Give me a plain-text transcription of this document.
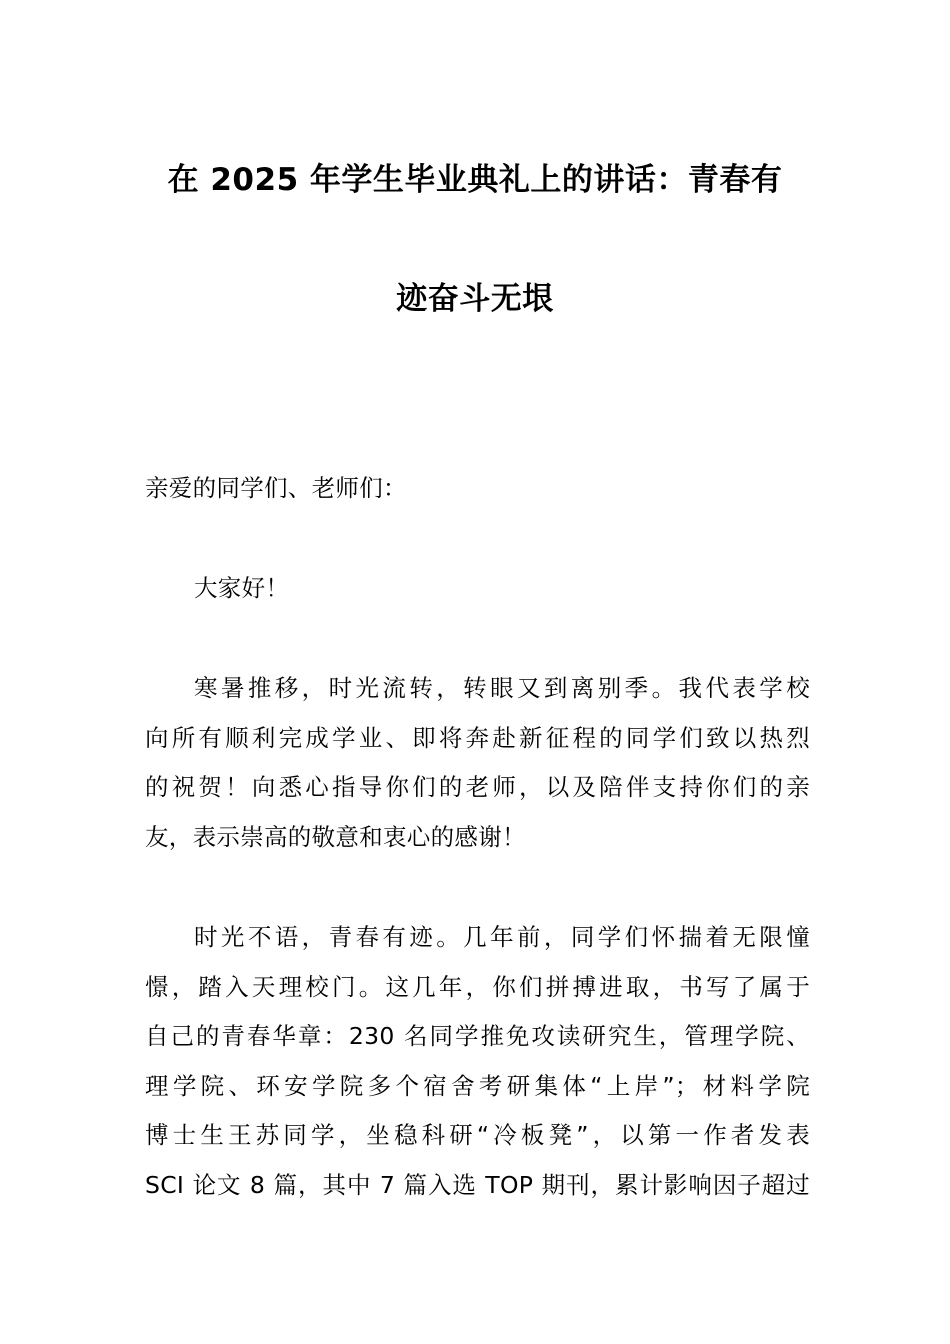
在 2025 年学生毕业典礼上的讲话：青春有
迹奋斗无垠
亲爱的同学们、老师们：
大家好！
寒暑推移，时光流转，转眼又到离别季。我代表学校
向所有顺利完成学业、即将奔赴新征程的同学们致以热烈
的祝贺！向悉心指导你们的老师，以及陪伴支持你们的亲
友，表示崇高的敬意和衷心的感谢！
时光不语，青春有迹。几年前，同学们怀揣着无限憧
憬，踏入天理校门。这几年，你们拼搏进取，书写了属于
自己的青春华章：230 名同学推免攻读研究生，管理学院、
理学院、环安学院多个宿舍考研集体“上岸”；材料学院
博士生王苏同学，坐稳科研“冷板凳”，以第一作者发表
SCI 论文 8 篇，其中 7 篇入选 TOP 期刊，累计影响因子超过
